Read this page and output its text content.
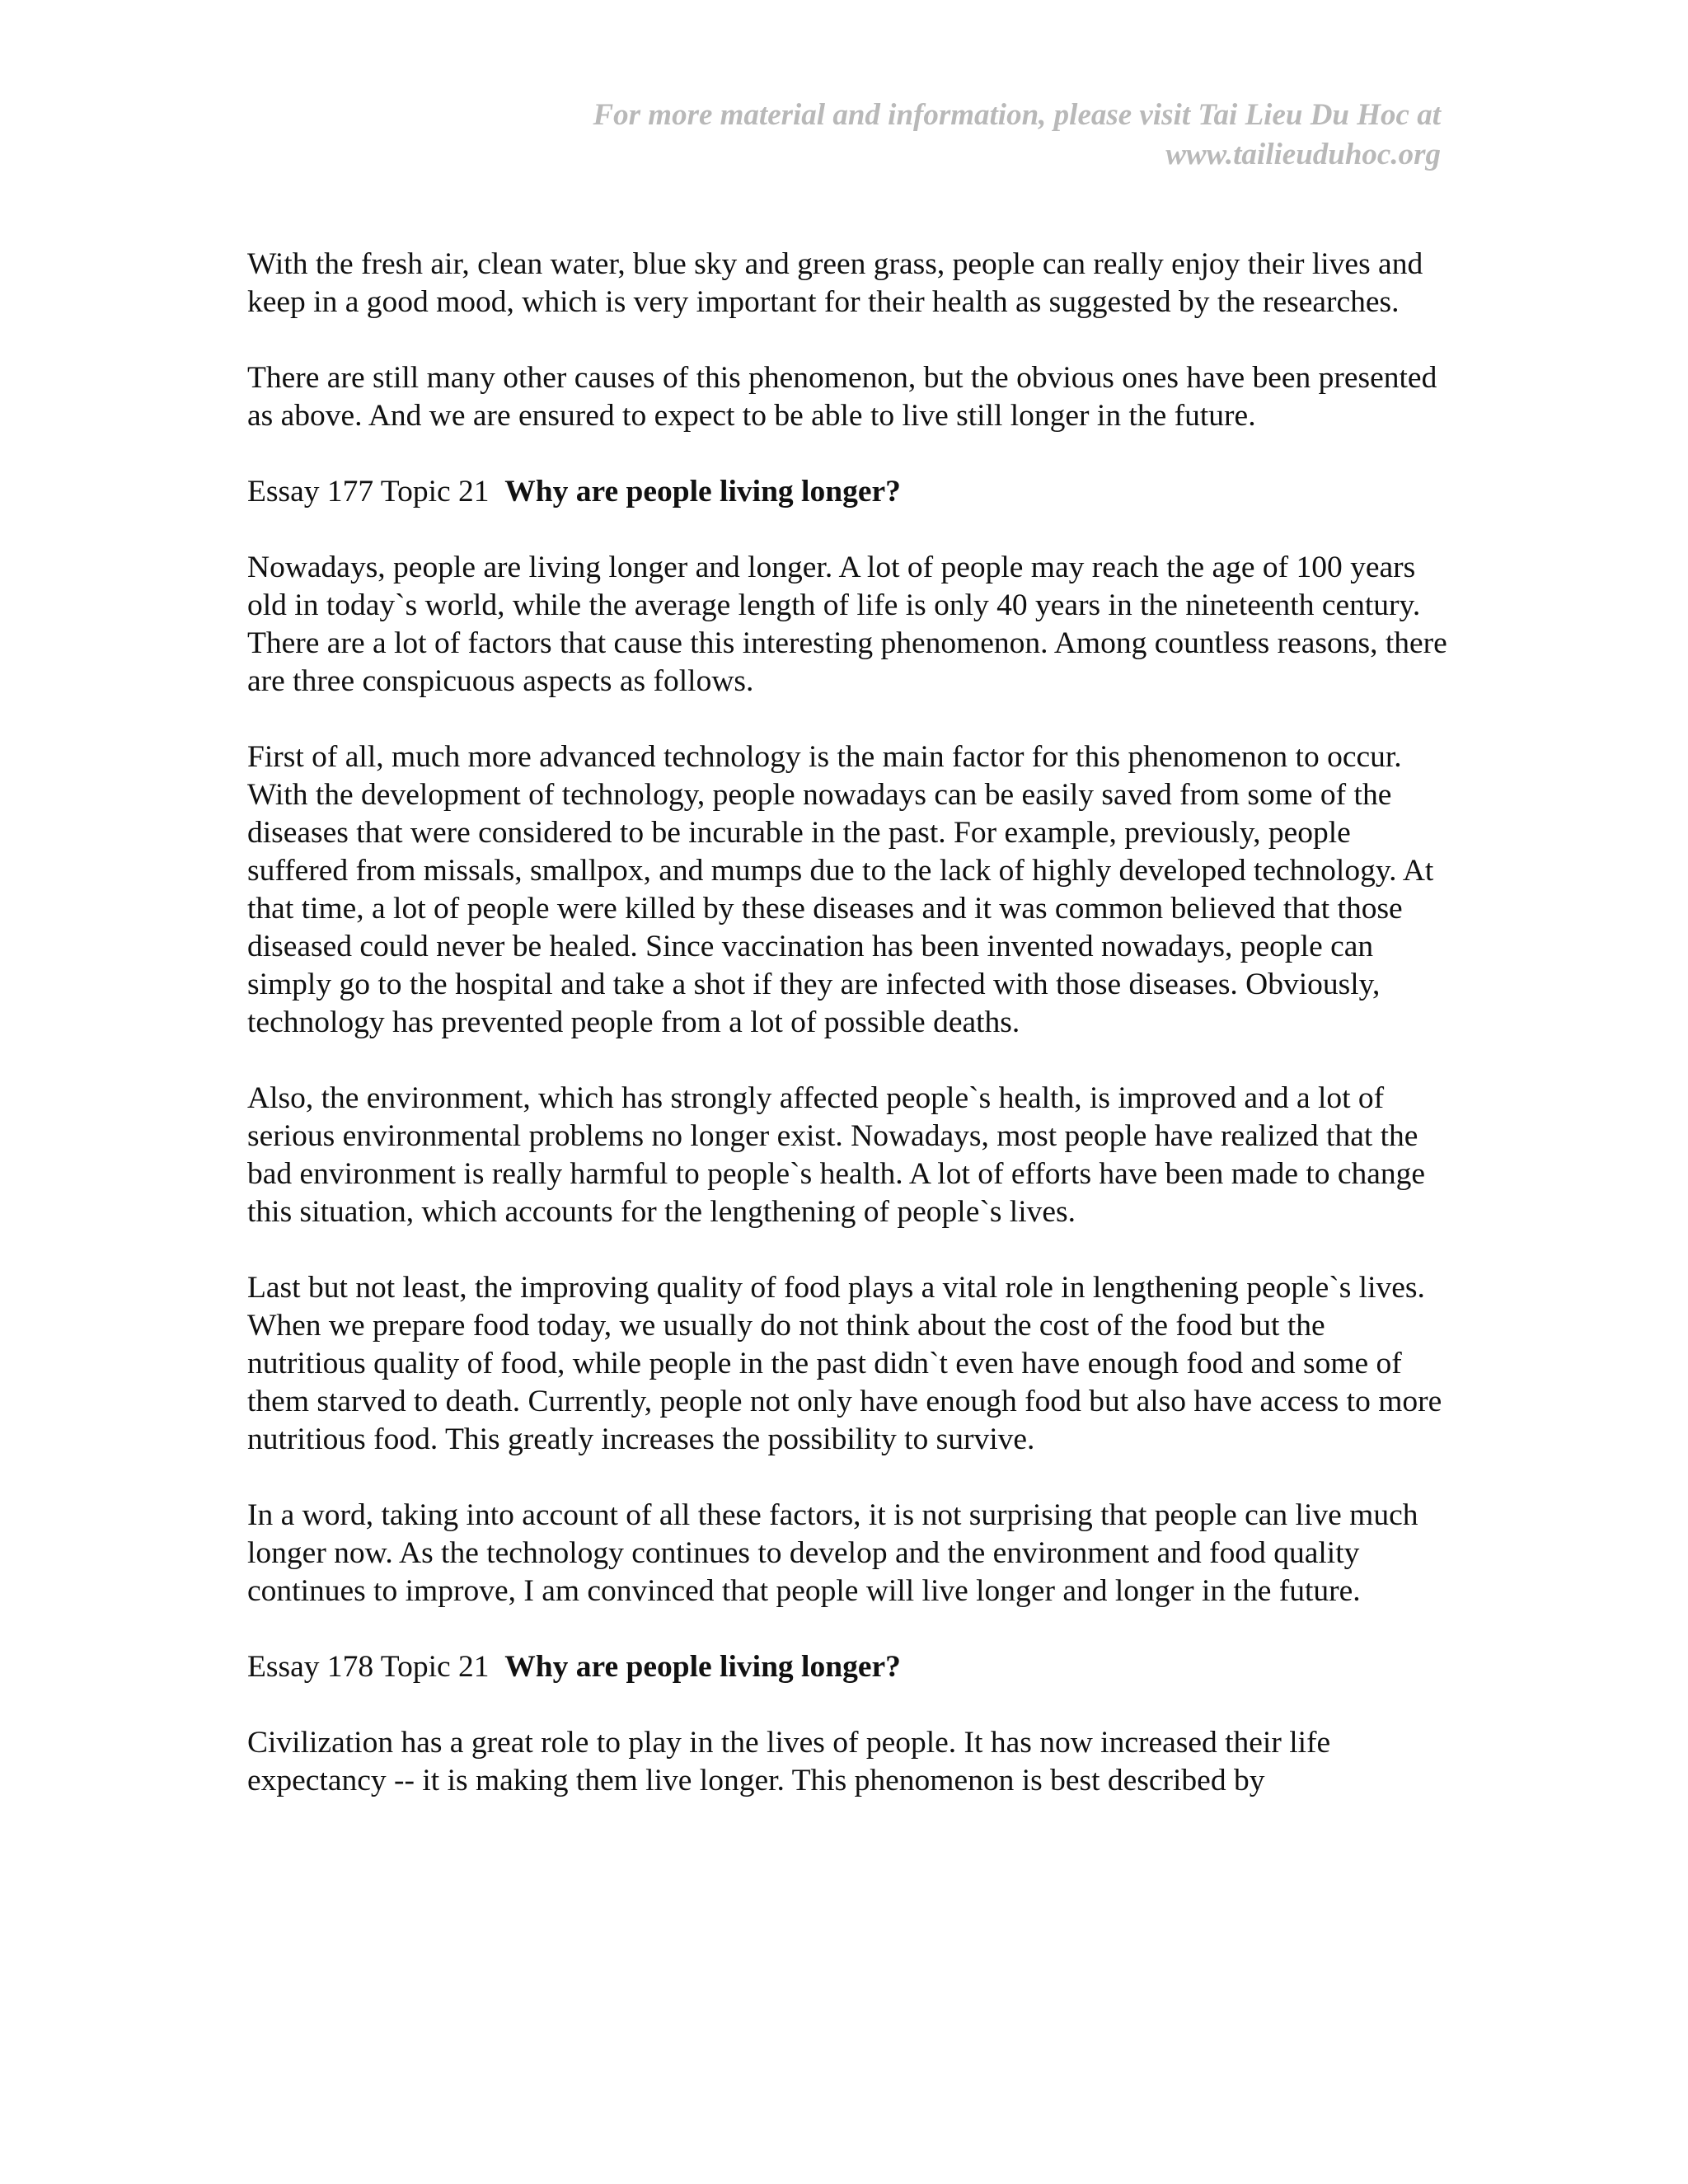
For more material and information, please visit Tai Lieu Du Hoc at
www.tailieuduhoc.org

With the fresh air, clean water, blue sky and green grass, people can really enjoy their lives and keep in a good mood, which is very important for their health as suggested by the researches.

There are still many other causes of this phenomenon, but the obvious ones have been presented as above. And we are ensured to expect to be able to live still longer in the future.

Essay 177 Topic 21 Why are people living longer?

Nowadays, people are living longer and longer. A lot of people may reach the age of 100 years old in today`s world, while the average length of life is only 40 years in the nineteenth century. There are a lot of factors that cause this interesting phenomenon. Among countless reasons, there are three conspicuous aspects as follows.

First of all, much more advanced technology is the main factor for this phenomenon to occur. With the development of technology, people nowadays can be easily saved from some of the diseases that were considered to be incurable in the past. For example, previously, people suffered from missals, smallpox, and mumps due to the lack of highly developed technology. At that time, a lot of people were killed by these diseases and it was common believed that those diseased could never be healed. Since vaccination has been invented nowadays, people can simply go to the hospital and take a shot if they are infected with those diseases. Obviously, technology has prevented people from a lot of possible deaths.

Also, the environment, which has strongly affected people`s health, is improved and a lot of serious environmental problems no longer exist. Nowadays, most people have realized that the bad environment is really harmful to people`s health. A lot of efforts have been made to change this situation, which accounts for the lengthening of people`s lives.

Last but not least, the improving quality of food plays a vital role in lengthening people`s lives. When we prepare food today, we usually do not think about the cost of the food but the nutritious quality of food, while people in the past didn`t even have enough food and some of them starved to death. Currently, people not only have enough food but also have access to more nutritious food. This greatly increases the possibility to survive.

In a word, taking into account of all these factors, it is not surprising that people can live much longer now. As the technology continues to develop and the environment and food quality continues to improve, I am convinced that people will live longer and longer in the future.

Essay 178 Topic 21 Why are people living longer?

Civilization has a great role to play in the lives of people. It has now increased their life expectancy -- it is making them live longer. This phenomenon is best described by
